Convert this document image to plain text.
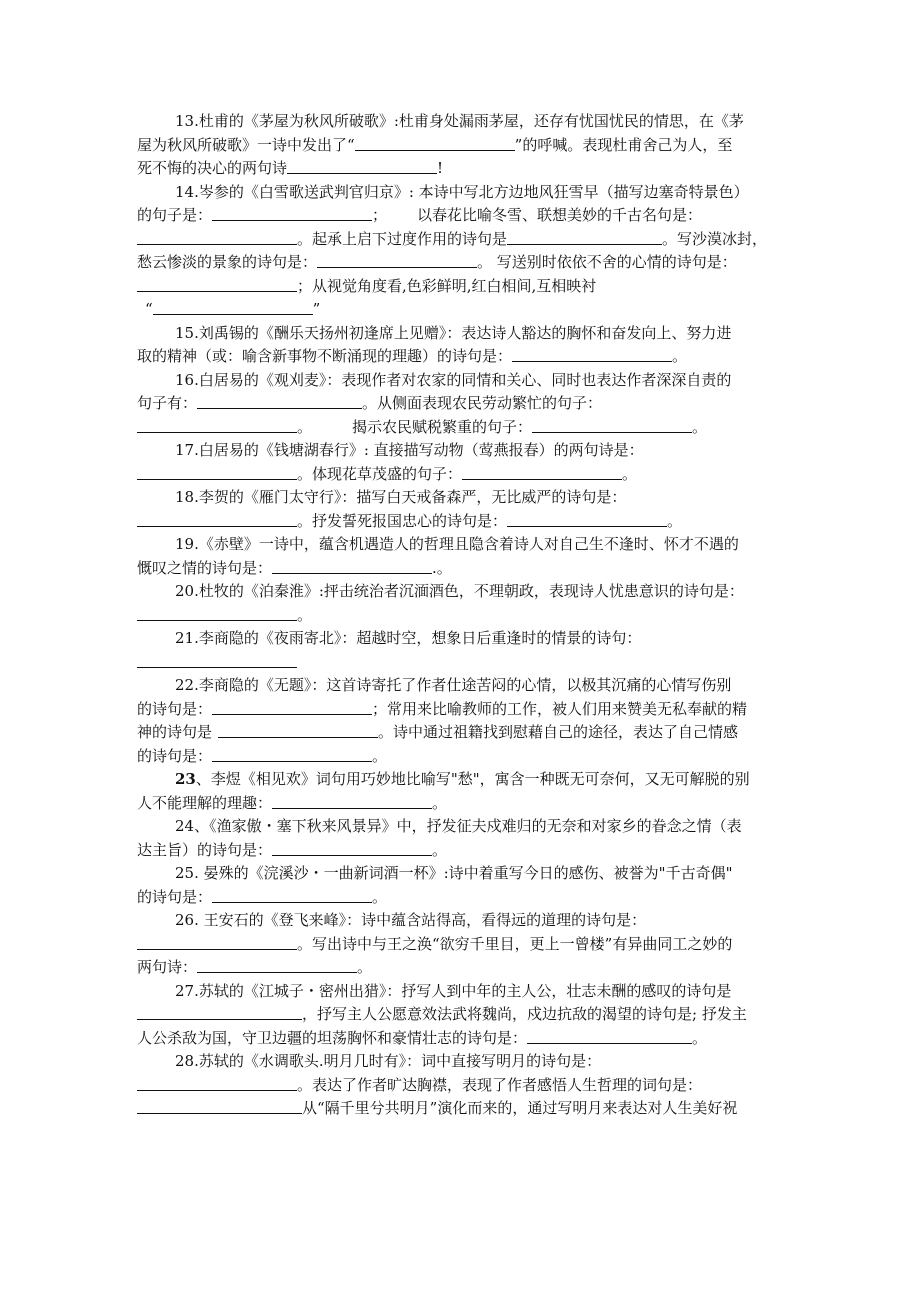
13.杜甫的《茅屋为秋风所破歌》:杜甫身处漏雨茅屋，还存有忧国忧民的情思，在《茅
屋为秋风所破歌》一诗中发出了“	”的呼喊。表现杜甫舍己为人，至
死不悔的决心的两句诗	!
14.岑参的《白雪歌送武判官归京》: 本诗中写北方边地风狂雪早（描写边塞奇特景色）
的句子是：	； 以春花比喻冬雪、联想美妙的千古名句是：
。起承上启下过度作用的诗句是	。写沙漠冰封，
愁云惨淡的景象的诗句是：	。 写送别时依依不舍的心情的诗句是：
；从视觉角度看,色彩鲜明,红白相间,互相映衬
“	”
15.刘禹锡的《酬乐天扬州初逢席上见赠》：表达诗人豁达的胸怀和奋发向上、努力进
取的精神（或：喻含新事物不断涌现的理趣）的诗句是：	。
16.白居易的《观刈麦》：表现作者对农家的同情和关心、同时也表达作者深深自责的
句子有：	。从侧面表现农民劳动繁忙的句子：
。	揭示农民赋税繁重的句子：	。
17.白居易的《钱塘湖春行》: 直接描写动物（莺燕报春）的两句诗是：
。体现花草茂盛的句子：	。
18.李贺的《雁门太守行》：描写白天戒备森严，无比威严的诗句是：
。抒发誓死报国忠心的诗句是：	。
19.《赤壁》一诗中，蕴含机遇造人的哲理且隐含着诗人对自己生不逢时、怀才不遇的
慨叹之情的诗句是：	.。
20.杜牧的《泊秦淮》:抨击统治者沉湎酒色，不理朝政，表现诗人忧患意识的诗句是：
。
21.李商隐的《夜雨寄北》：超越时空，想象日后重逢时的情景的诗句：
22.李商隐的《无题》：这首诗寄托了作者仕途苦闷的心情，以极其沉痛的心情写伤别
的诗句是：	；常用来比喻教师的工作，被人们用来赞美无私奉献的精
神的诗句是	。诗中通过祖籍找到慰藉自己的途径，表达了自己情感
的诗句是：	。
23、李煜《相见欢》词句用巧妙地比喻写"愁"，寓含一种既无可奈何，又无可解脱的别
人不能理解的理趣：	。
24、《渔家傲・塞下秋来风景异》中，抒发征夫戍难归的无奈和对家乡的眷念之情（表
达主旨）的诗句是：	。
25. 晏殊的《浣溪沙・一曲新词酒一杯》:诗中着重写今日的感伤、被誉为"千古奇偶"
的诗句是：	。
26. 王安石的《登飞来峰》：诗中蕴含站得高，看得远的道理的诗句是：
。写出诗中与王之涣“欲穷千里目，更上一曾楼”有异曲同工之妙的
两句诗：	。
27.苏轼的《江城子・密州出猎》：抒写人到中年的主人公，壮志未酬的感叹的诗句是
，抒写主人公愿意效法武将魏尚，戍边抗敌的渴望的诗句是; 抒发主
人公杀敌为国，守卫边疆的坦荡胸怀和豪情壮志的诗句是：	。
28.苏轼的《水调歌头.明月几时有》：词中直接写明月的诗句是：
。表达了作者旷达胸襟，表现了作者感悟人生哲理的词句是：
从“隔千里兮共明月”演化而来的，通过写明月来表达对人生美好祝
